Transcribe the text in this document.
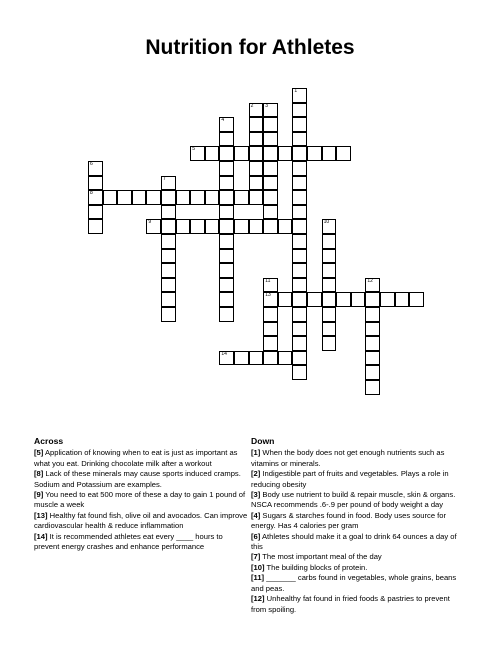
Nutrition for Athletes
1
2 3
4
5
6
8
7
9	10
11
13
12
14
Across

[5] Application of knowing when to eat is just as important as what you eat. Drinking chocolate milk after a workout

[8] Lack of these minerals may cause sports induced cramps. Sodium and Potassium are examples.

[9] You need to eat 500 more of these a day to gain 1 pound of muscle a week

[13] Healthy fat found fish, olive oil and avocados. Can improve cardiovascular health & reduce inflammation

[14] It is recommended athletes eat every ____ hours to prevent energy crashes and enhance performance

Down

[1] When the body does not get enough nutrients such as vitamins or minerals.

[2] Indigestible part of fruits and vegetables. Plays a role in reducing obesity

[3] Body use nutrient to build & repair muscle, skin & organs. NSCA recommends .6-.9 per pound of body weight a day

[4] Sugars & starches found in food. Body uses source for energy. Has 4 calories per gram

[6] Athletes should make it a goal to drink 64 ounces a day of this

[7] The most important meal of the day

[10] The building blocks of protein.

[11] _______ carbs found in vegetables, whole grains, beans and peas.

[12] Unhealthy fat found in fried foods & pastries to prevent from spoiling.
